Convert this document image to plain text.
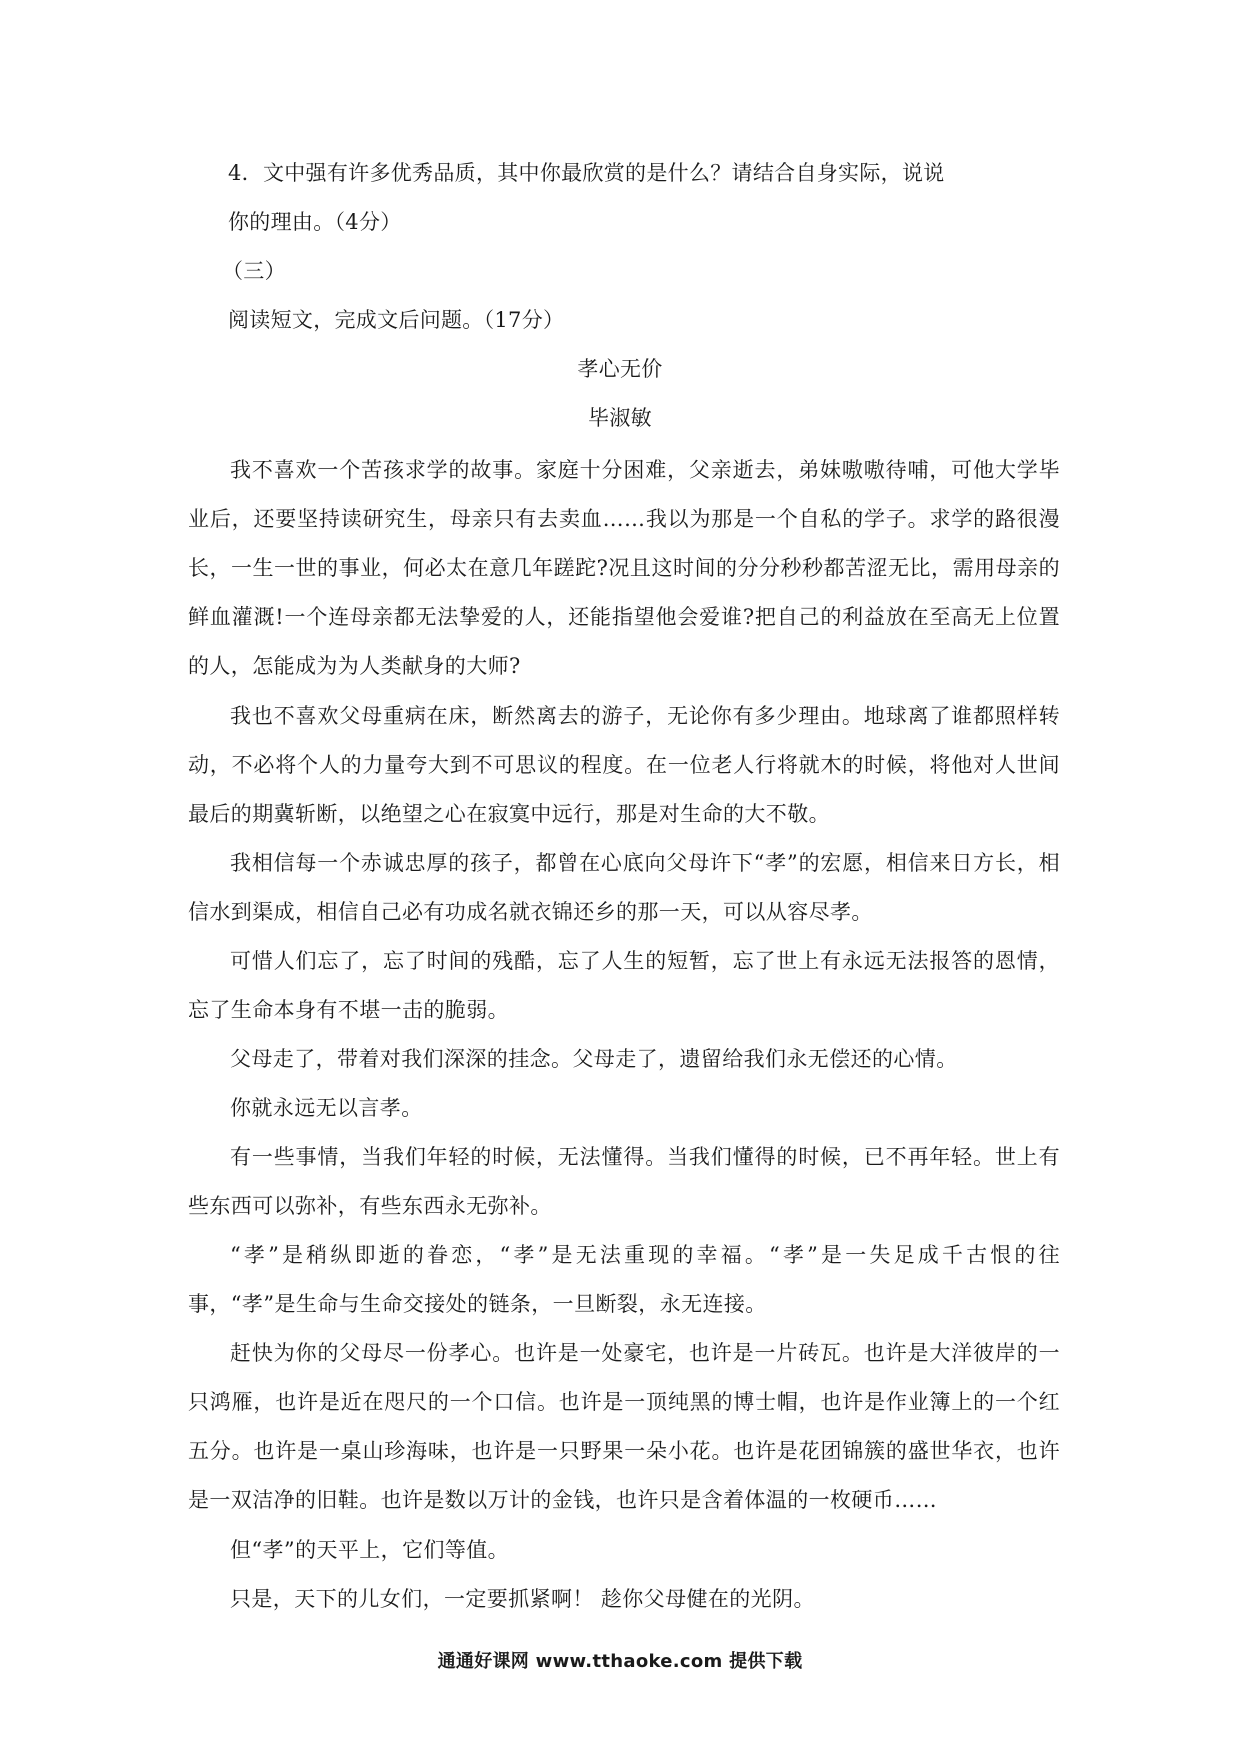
4．文中强有许多优秀品质，其中你最欣赏的是什么？请结合自身实际，说说
你的理由。（4分）
（三）
阅读短文，完成文后问题。（17分）
孝心无价
毕淑敏
我不喜欢一个苦孩求学的故事。家庭十分困难，父亲逝去，弟妹嗷嗷待哺，可他大学毕业后，还要坚持读研究生，母亲只有去卖血……我以为那是一个自私的学子。求学的路很漫长，一生一世的事业，何必太在意几年蹉跎?况且这时间的分分秒秒都苦涩无比，需用母亲的鲜血灌溉!一个连母亲都无法挚爱的人，还能指望他会爱谁?把自己的利益放在至高无上位置的人，怎能成为为人类献身的大师?
我也不喜欢父母重病在床，断然离去的游子，无论你有多少理由。地球离了谁都照样转动，不必将个人的力量夸大到不可思议的程度。在一位老人行将就木的时候，将他对人世间最后的期冀斩断，以绝望之心在寂寞中远行，那是对生命的大不敬。
我相信每一个赤诚忠厚的孩子，都曾在心底向父母许下“孝”的宏愿，相信来日方长，相信水到渠成，相信自己必有功成名就衣锦还乡的那一天，可以从容尽孝。
可惜人们忘了，忘了时间的残酷，忘了人生的短暂，忘了世上有永远无法报答的恩情，忘了生命本身有不堪一击的脆弱。
父母走了，带着对我们深深的挂念。父母走了，遗留给我们永无偿还的心情。
你就永远无以言孝。
有一些事情，当我们年轻的时候，无法懂得。当我们懂得的时候，已不再年轻。世上有些东西可以弥补，有些东西永无弥补。
“孝”是稍纵即逝的眷恋，“孝”是无法重现的幸福。“孝”是一失足成千古恨的往事，“孝”是生命与生命交接处的链条，一旦断裂，永无连接。
赶快为你的父母尽一份孝心。也许是一处豪宅，也许是一片砖瓦。也许是大洋彼岸的一只鸿雁，也许是近在咫尺的一个口信。也许是一顶纯黑的博士帽，也许是作业簿上的一个红五分。也许是一桌山珍海味，也许是一只野果一朵小花。也许是花团锦簇的盛世华衣，也许是一双洁净的旧鞋。也许是数以万计的金钱，也许只是含着体温的一枚硬币……
但“孝”的天平上，它们等值。
只是，天下的儿女们，一定要抓紧啊！ 趁你父母健在的光阴。
通通好课网 www.tthaoke.com 提供下载
